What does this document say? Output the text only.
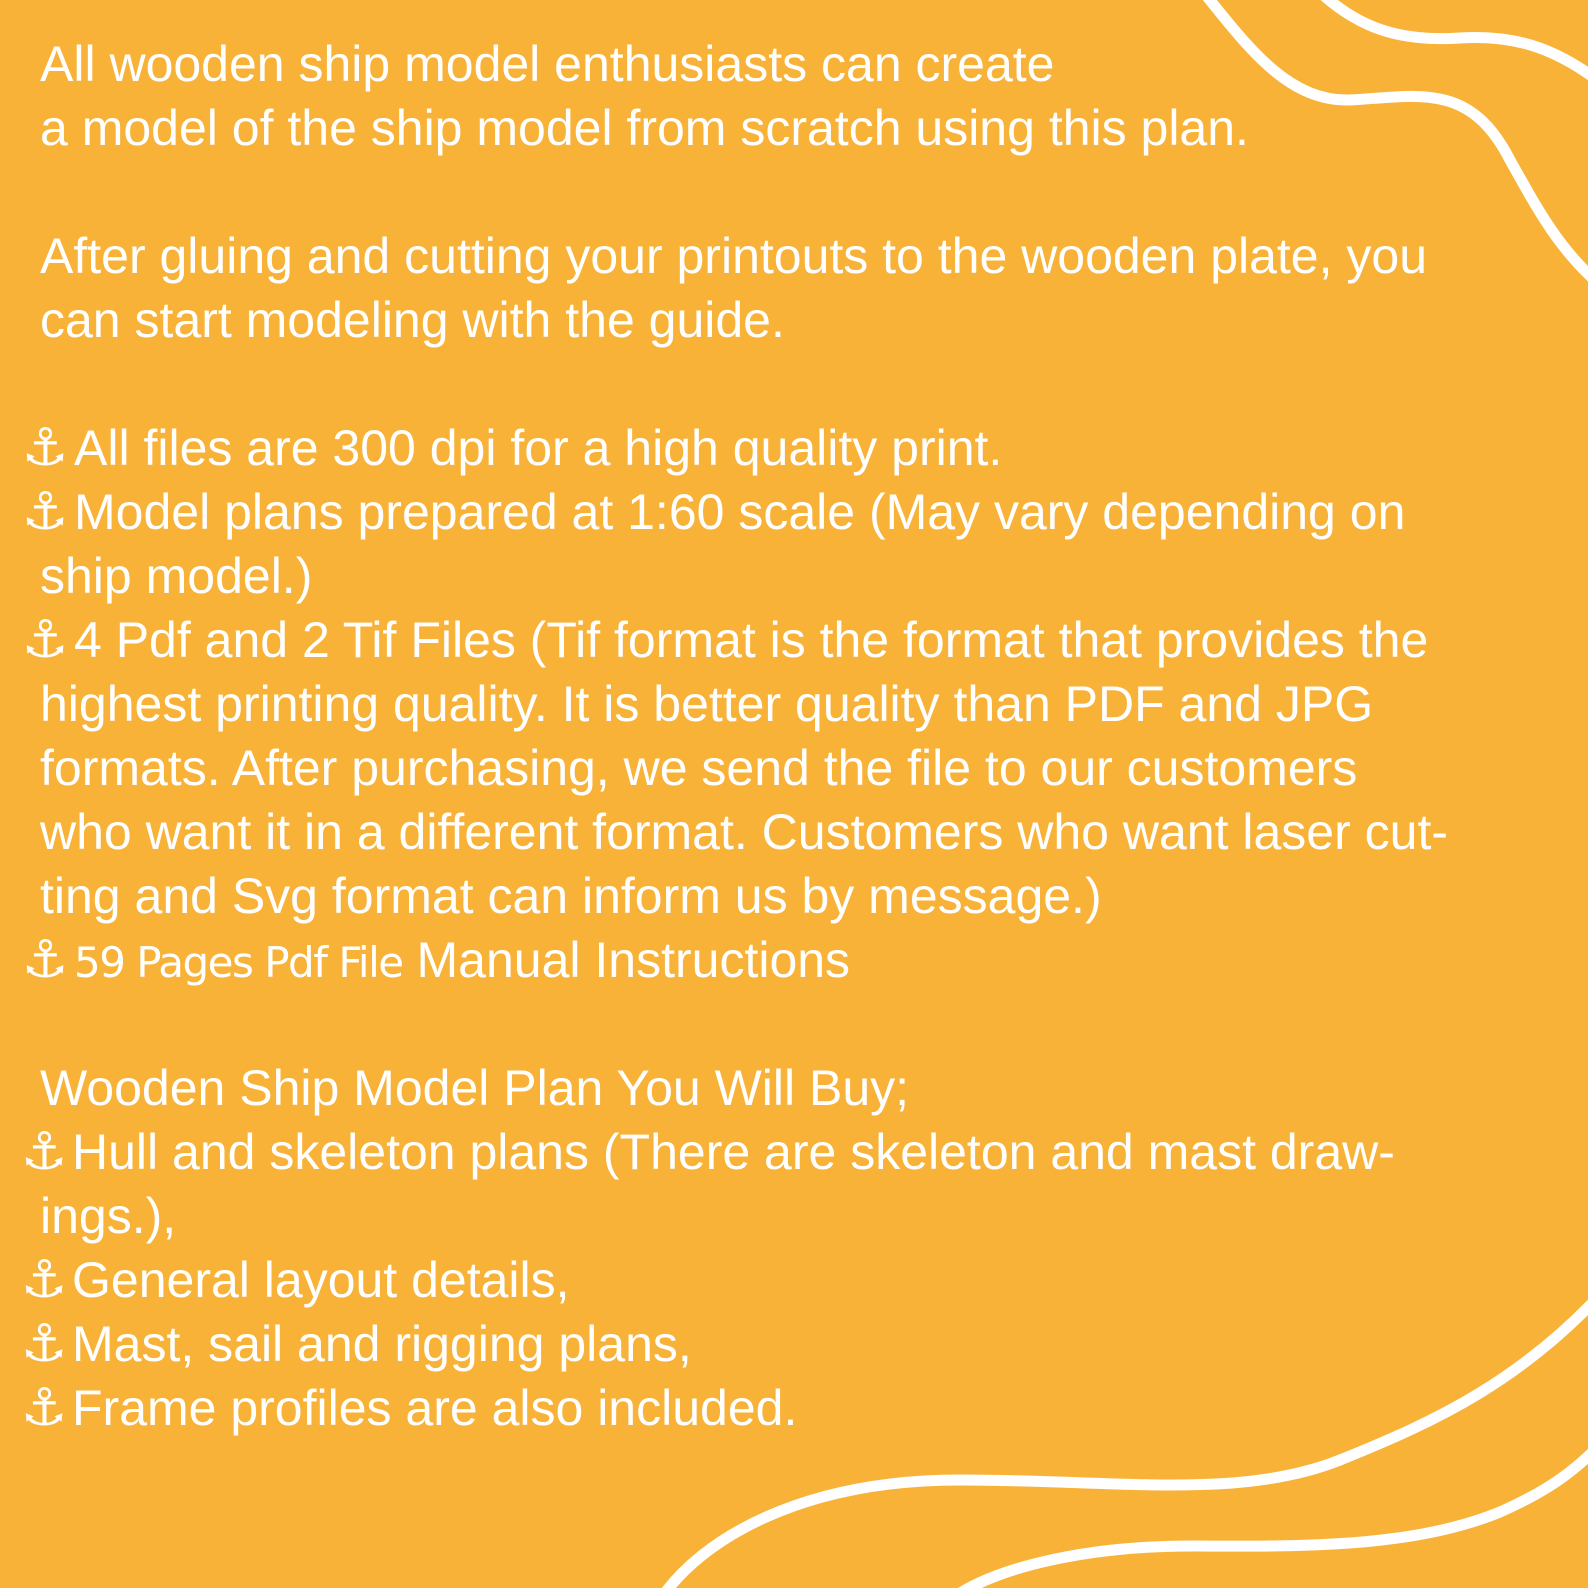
All wooden ship model enthusiasts can create
a model of the ship model from scratch using this plan.
After gluing and cutting your printouts to the wooden plate, you
can start modeling with the guide.
⚓ All files are 300 dpi for a high quality print.
⚓ Model plans prepared at 1:60 scale (May vary depending on
ship model.)
⚓ 4 Pdf and 2 Tif Files (Tif format is the format that provides the
highest printing quality. It is better quality than PDF and JPG
formats. After purchasing, we send the file to our customers
who want it in a different format. Customers who want laser cut-
ting and Svg format can inform us by message.)
⚓ 59 Pages Pdf File Manual Instructions
Wooden Ship Model Plan You Will Buy;
⚓Hull and skeleton plans (There are skeleton and mast draw-
ings.),
⚓General layout details,
⚓Mast, sail and rigging plans,
⚓Frame profiles are also included.
